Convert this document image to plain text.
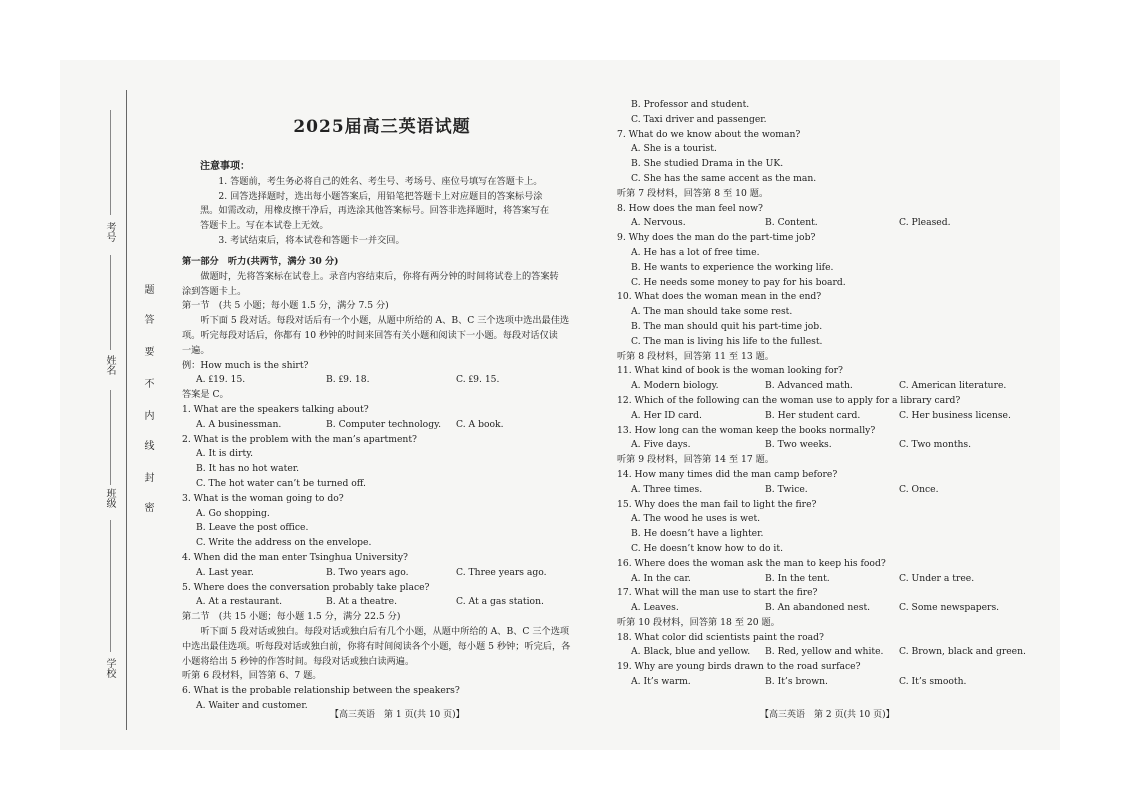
考号
姓名
班级
学校
题
答
要
不
内
线
封
密
2025届高三英语试题

注意事项：

1. 答题前，考生务必将自己的姓名、考生号、考场号、座位号填写在答题卡上。

2. 回答选择题时，选出每小题答案后，用铅笔把答题卡上对应题目的答案标号涂

黑。如需改动，用橡皮擦干净后，再选涂其他答案标号。回答非选择题时，将答案写在

答题卡上。写在本试卷上无效。

3. 考试结束后，将本试卷和答题卡一并交回。

第一部分　听力(共两节，满分 30 分)

做题时，先将答案标在试卷上。录音内容结束后，你将有两分钟的时间将试卷上的答案转

涂到答题卡上。

第一节　(共 5 小题；每小题 1.5 分，满分 7.5 分)

听下面 5 段对话。每段对话后有一个小题，从题中所给的 A、B、C 三个选项中选出最佳选

项。听完每段对话后，你都有 10 秒钟的时间来回答有关小题和阅读下一小题。每段对话仅读

一遍。

例：How much is the shirt?

A. ₤19. 15.	B. ₤9. 18.	C. ₤9. 15.

答案是 C。

1. What are the speakers talking about?

A. A businessman.	B. Computer technology.	C. A book.

2. What is the problem with the man’s apartment?

A. It is dirty.

B. It has no hot water.

C. The hot water can’t be turned off.

3. What is the woman going to do?

A. Go shopping.

B. Leave the post office.

C. Write the address on the envelope.

4. When did the man enter Tsinghua University?

A. Last year.	B. Two years ago.	C. Three years ago.

5. Where does the conversation probably take place?

A. At a restaurant.	B. At a theatre.	C. At a gas station.

第二节　(共 15 小题；每小题 1.5 分，满分 22.5 分)

听下面 5 段对话或独白。每段对话或独白后有几个小题，从题中所给的 A、B、C 三个选项

中选出最佳选项。听每段对话或独白前，你将有时间阅读各个小题，每小题 5 秒钟；听完后，各

小题将给出 5 秒钟的作答时间。每段对话或独白读两遍。

听第 6 段材料，回答第 6、7 题。

6. What is the probable relationship between the speakers?

A. Waiter and customer.

【高三英语　第 1 页(共 10 页)】

B. Professor and student.

C. Taxi driver and passenger.

7. What do we know about the woman?

A. She is a tourist.

B. She studied Drama in the UK.

C. She has the same accent as the man.

听第 7 段材料，回答第 8 至 10 题。

8. How does the man feel now?

A. Nervous.	B. Content.	C. Pleased.

9. Why does the man do the part-time job?

A. He has a lot of free time.

B. He wants to experience the working life.

C. He needs some money to pay for his board.

10. What does the woman mean in the end?

A. The man should take some rest.

B. The man should quit his part-time job.

C. The man is living his life to the fullest.

听第 8 段材料，回答第 11 至 13 题。

11. What kind of book is the woman looking for?

A. Modern biology.	B. Advanced math.	C. American literature.

12. Which of the following can the woman use to apply for a library card?

A. Her ID card.	B. Her student card.	C. Her business license.

13. How long can the woman keep the books normally?

A. Five days.	B. Two weeks.	C. Two months.

听第 9 段材料，回答第 14 至 17 题。

14. How many times did the man camp before?

A. Three times.	B. Twice.	C. Once.

15. Why does the man fail to light the fire?

A. The wood he uses is wet.

B. He doesn’t have a lighter.

C. He doesn’t know how to do it.

16. Where does the woman ask the man to keep his food?

A. In the car.	B. In the tent.	C. Under a tree.

17. What will the man use to start the fire?

A. Leaves.	B. An abandoned nest.	C. Some newspapers.

听第 10 段材料，回答第 18 至 20 题。

18. What color did scientists paint the road?

A. Black, blue and yellow.	B. Red, yellow and white.	C. Brown, black and green.

19. Why are young birds drawn to the road surface?

A. It’s warm.	B. It’s brown.	C. It’s smooth.
【高三英语　第 2 页(共 10 页)】
